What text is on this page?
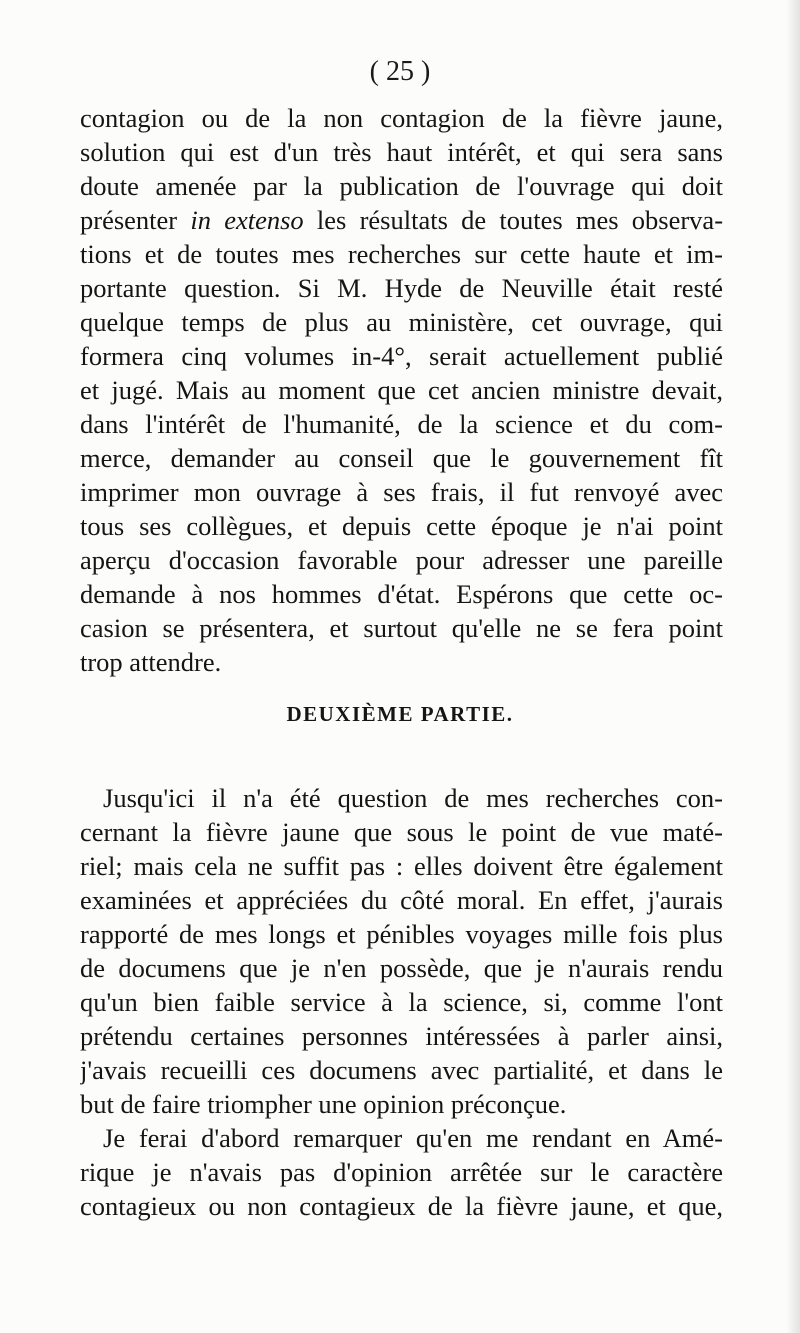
( 25 )
contagion ou de la non contagion de la fièvre jaune,
solution qui est d'un très haut intérêt, et qui sera sans
doute amenée par la publication de l'ouvrage qui doit
présenter in extenso les résultats de toutes mes observa-
tions et de toutes mes recherches sur cette haute et im-
portante question. Si M. Hyde de Neuville était resté
quelque temps de plus au ministère, cet ouvrage, qui
formera cinq volumes in-4°, serait actuellement publié
et jugé. Mais au moment que cet ancien ministre devait,
dans l'intérêt de l'humanité, de la science et du com-
merce, demander au conseil que le gouvernement fît
imprimer mon ouvrage à ses frais, il fut renvoyé avec
tous ses collègues, et depuis cette époque je n'ai point
aperçu d'occasion favorable pour adresser une pareille
demande à nos hommes d'état. Espérons que cette oc-
casion se présentera, et surtout qu'elle ne se fera point
trop attendre.
DEUXIÈME PARTIE.
Jusqu'ici il n'a été question de mes recherches con-
cernant la fièvre jaune que sous le point de vue maté-
riel; mais cela ne suffit pas : elles doivent être également
examinées et appréciées du côté moral. En effet, j'aurais
rapporté de mes longs et pénibles voyages mille fois plus
de documens que je n'en possède, que je n'aurais rendu
qu'un bien faible service à la science, si, comme l'ont
prétendu certaines personnes intéressées à parler ainsi,
j'avais recueilli ces documens avec partialité, et dans le
but de faire triompher une opinion préconçue.
Je ferai d'abord remarquer qu'en me rendant en Amé-
rique je n'avais pas d'opinion arrêtée sur le caractère
contagieux ou non contagieux de la fièvre jaune, et que,
